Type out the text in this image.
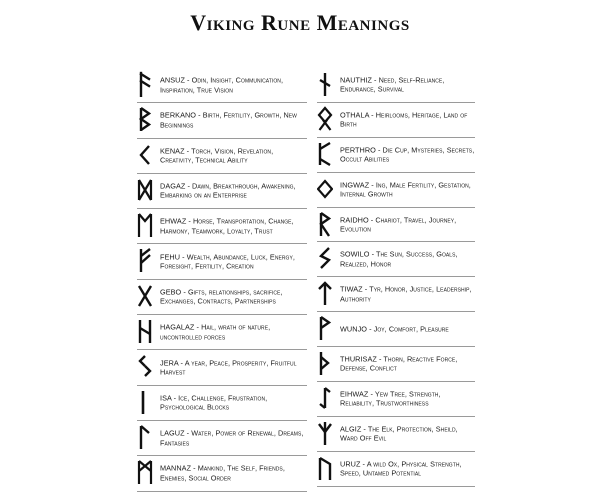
Viking Rune Meanings
ANSUZ - Odin, Insight, Communication, Inspiration, True Vision
BERKANO - Birth, Fertility, Growth, New Beginnings
KENAZ - Torch, Vision, Revelation, Creativity, Technical Ability
DAGAZ - Dawn, Breakthrough, Awakening, Embarking on an Enterprise
EHWAZ - Horse, Transportation, Change, Harmony, Teamwork, Loyalty, Trust
FEHU - Wealth, Abundance, Luck, Energy, Foresight, Fertility, Creation
GEBO - Gifts, relationships, sacrifice, Exchanges, Contracts, Partnerships
HAGALAZ - Hail, wrath of nature, uncontrolled forces
JERA - A year, Peace, Prosperity, Fruitful Harvest
ISA - Ice, Challenge, Frustration, Psychological Blocks
LAGUZ - Water, Power of Renewal, Dreams, Fantasies
MANNAZ - Mankind, The Self, Friends, Enemies, Social Order
NAUTHIZ - Need, Self-Reliance, Endurance, Survival
OTHALA - Heirlooms, Heritage, Land of Birth
PERTHRO - Die Cup, Mysteries, Secrets, Occult Abilities
INGWAZ - Ing, Male Fertility, Gestation, Internal Growth
RAIDHO - Chariot, Travel, Journey, Evolution
SOWILO - The Sun, Success, Goals, Realized, Honor
TIWAZ - Tyr, Honor, Justice, Leadership, Authority
WUNJO - Joy, Comfort, Pleasure
THURISAZ - Thorn, Reactive Force, Defense, Conflict
EIHWAZ - Yew Tree, Strength, Reliability, Trustworthiness
ALGIZ - The Elk, Protection, Sheild, Ward Off Evil
URUZ - A wild Ox, Physical Strength, Speed, Untamed Potential
